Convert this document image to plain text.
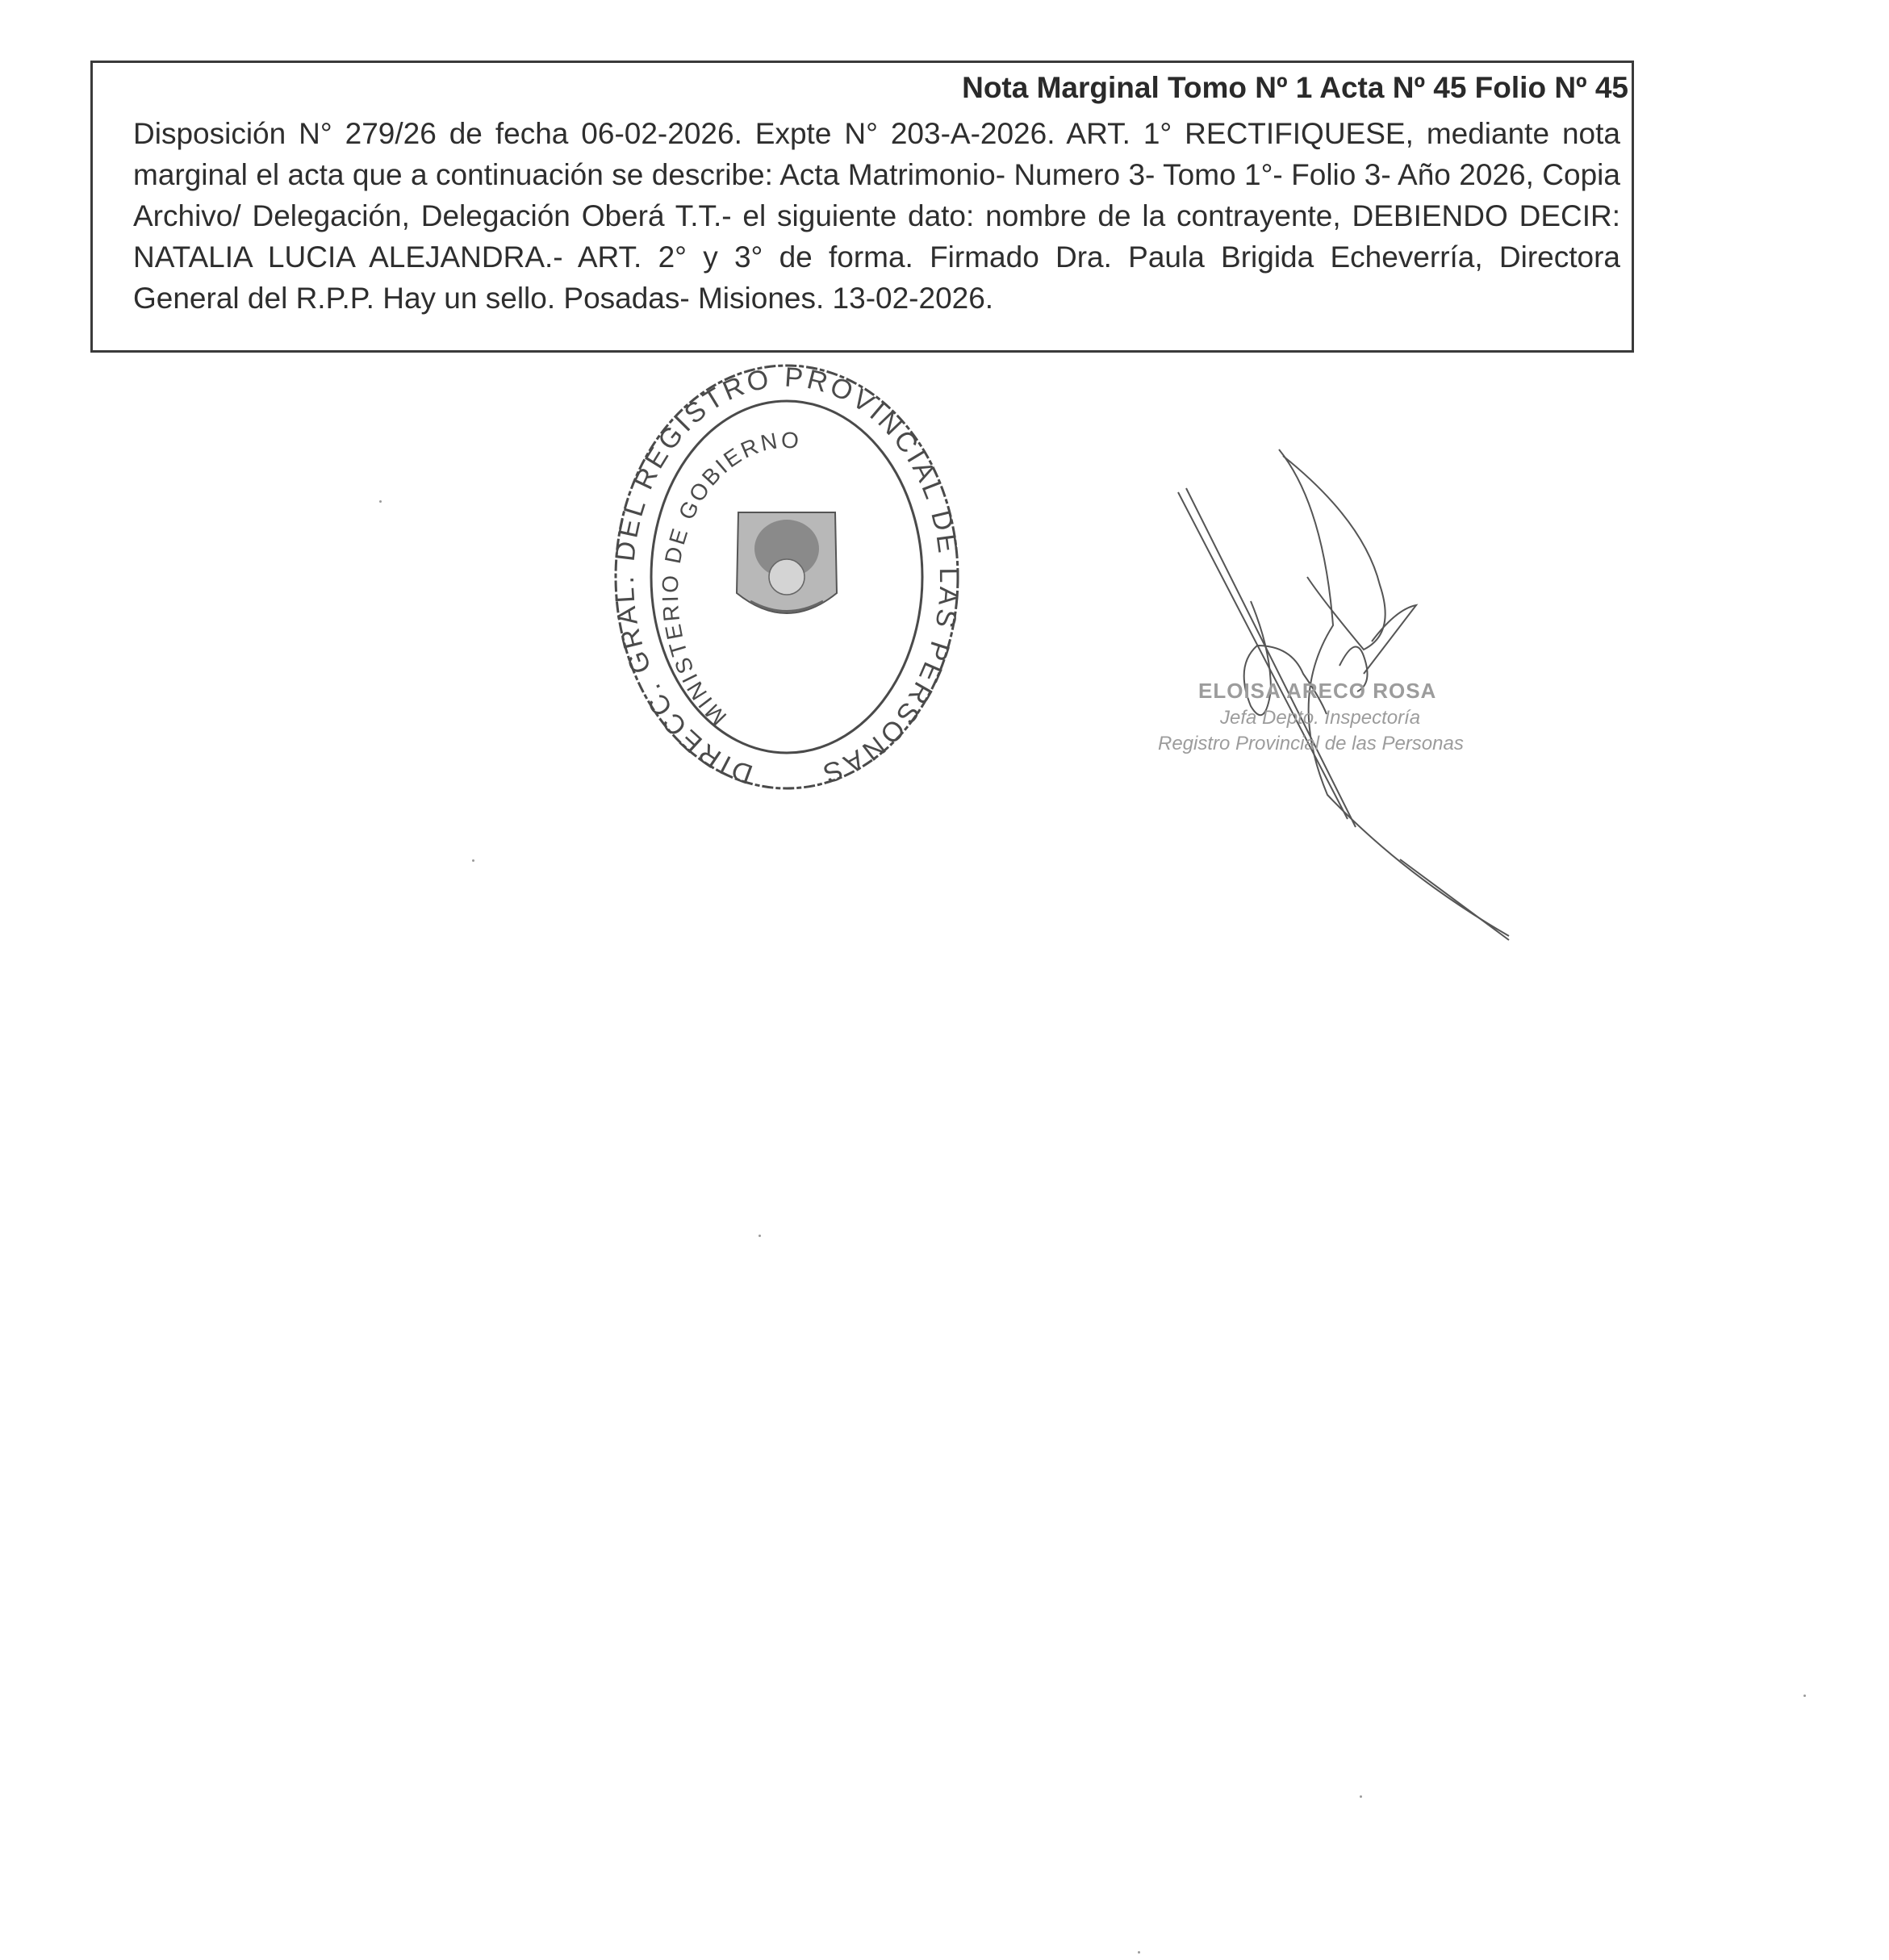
Nota Marginal Tomo Nº 1 Acta Nº 45 Folio Nº 45

Disposición N° 279/26 de fecha 06-02-2026. Expte N° 203-A-2026. ART. 1° RECTIFIQUESE, mediante nota marginal el acta que a continuación se describe: Acta Matrimonio- Numero 3- Tomo 1°- Folio 3- Año 2026, Copia Archivo/ Delegación, Delegación Oberá T.T.- el siguiente dato: nombre de la contrayente, DEBIENDO DECIR: NATALIA LUCIA ALEJANDRA.- ART. 2° y 3° de forma. Firmado Dra. Paula Brigida Echeverría, Directora General del R.P.P. Hay un sello. Posadas- Misiones. 13-02-2026.

DIRECC. GRAL. DEL REGISTRO PROVINCIAL DE LAS PERSONAS
MINISTERIO DE GOBIERNO
ELOISA ARECO ROSA
Jefa Depto. Inspectoría
Registro Provincial de las Personas
